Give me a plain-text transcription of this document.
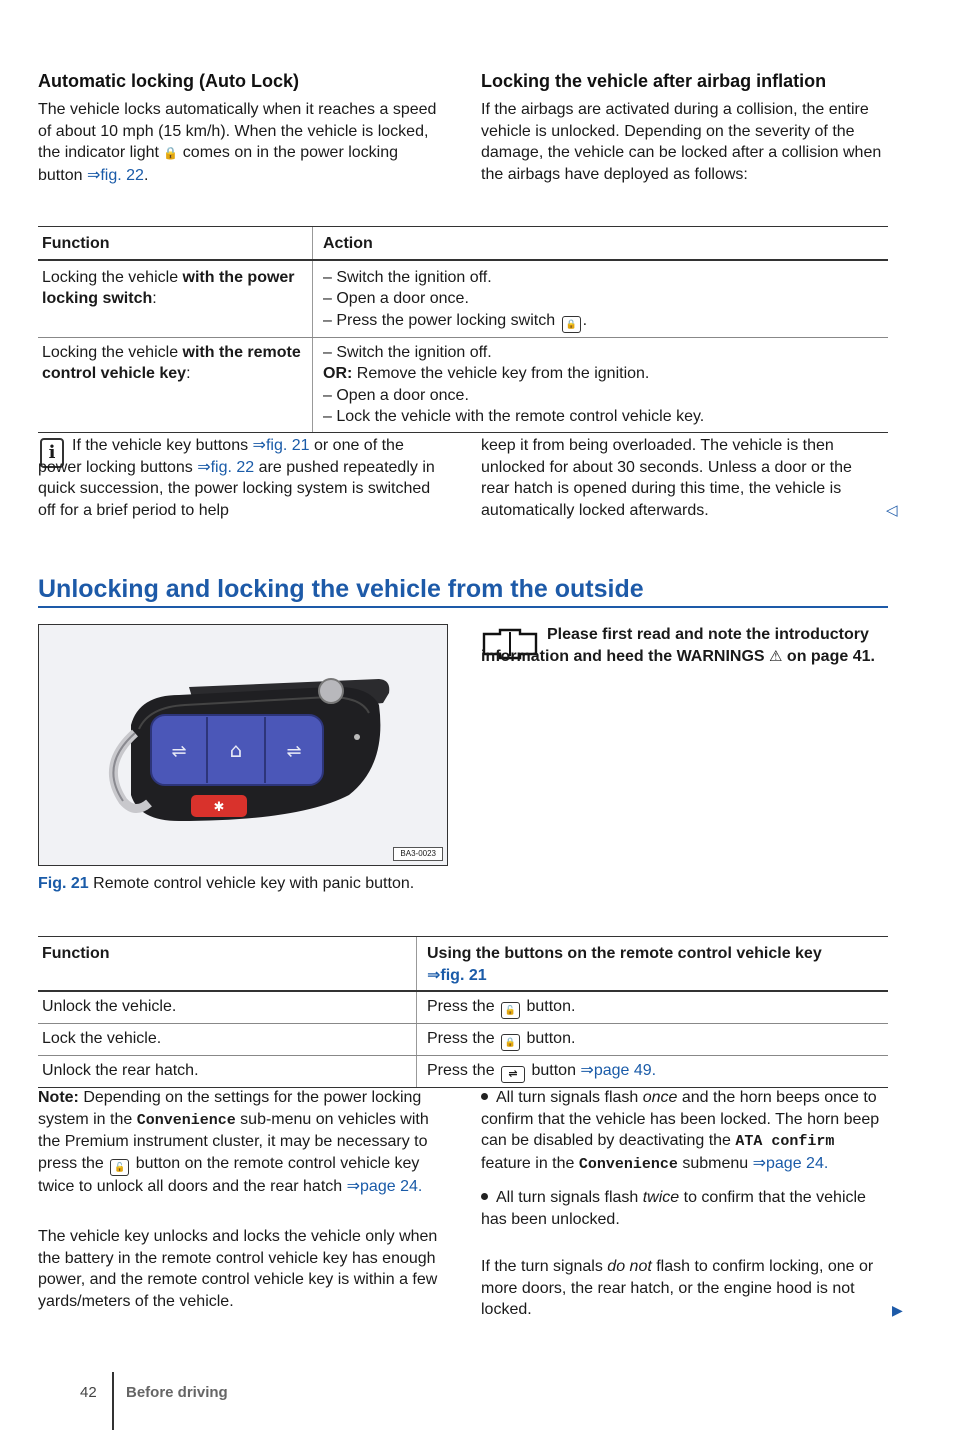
Automatic locking (Auto Lock)

The vehicle locks automatically when it reaches a speed of about 10 mph (15 km/h). When the vehicle is locked, the indicator light 🔒 comes on in the power locking button ⇒fig. 22.

Locking the vehicle after airbag inflation

If the airbags are activated during a collision, the entire vehicle is unlocked. Depending on the severity of the damage, the vehicle can be locked after a collision when the airbags have deployed as follows:

Function	Action
Locking the vehicle with the power locking switch:	– Switch the ignition off.
– Open a door once.
– Press the power locking switch 🔒 .

Locking the vehicle with the remote control vehicle key:	– Switch the ignition off.
OR: Remove the vehicle key from the ignition.
– Open a door once.
– Lock the vehicle with the remote control vehicle key.
i	If the vehicle key buttons ⇒fig. 21 or one of the power locking buttons ⇒fig. 22 are pushed repeatedly in quick succession, the power locking system is switched off for a brief period to help

keep it from being overloaded. The vehicle is then unlocked for about 30 seconds. Unless a door or the rear hatch is opened during this time, the vehicle is automatically locked afterwards.	◁
Unlocking and locking the vehicle from the outside
⇌ ⌂ ⇌
✱
BA3-0023

Fig. 21 Remote control vehicle key with panic button.

Please first read and note the introductory information and heed the WARNINGS ⚠ on page 41.

Function	Using the buttons on the remote control vehicle key
⇒fig. 21

Unlock the vehicle.	Press the 🔓 button.
Lock the vehicle.	Press the 🔒 button.
Unlock the rear hatch.	Press the ⇌ button ⇒page 49.

Note: Depending on the settings for the power locking system in the Convenience sub-menu on vehicles with the Premium instrument cluster, it may be necessary to press the 🔓 button on the remote control vehicle key twice to unlock all doors and the rear hatch ⇒page 24.

The vehicle key unlocks and locks the vehicle only when the battery in the remote control vehicle key has enough power, and the remote control vehicle key is within a few yards/meters of the vehicle.

All turn signals flash once and the horn beeps once to confirm that the vehicle has been locked. The horn beep can be disabled by deactivating the ATA confirm feature in the Convenience submenu ⇒page 24.
All turn signals flash twice to confirm that the vehicle has been unlocked.

If the turn signals do not flash to confirm locking, one or more doors, the rear hatch, or the engine hood is not locked.	▶
42 Before driving
